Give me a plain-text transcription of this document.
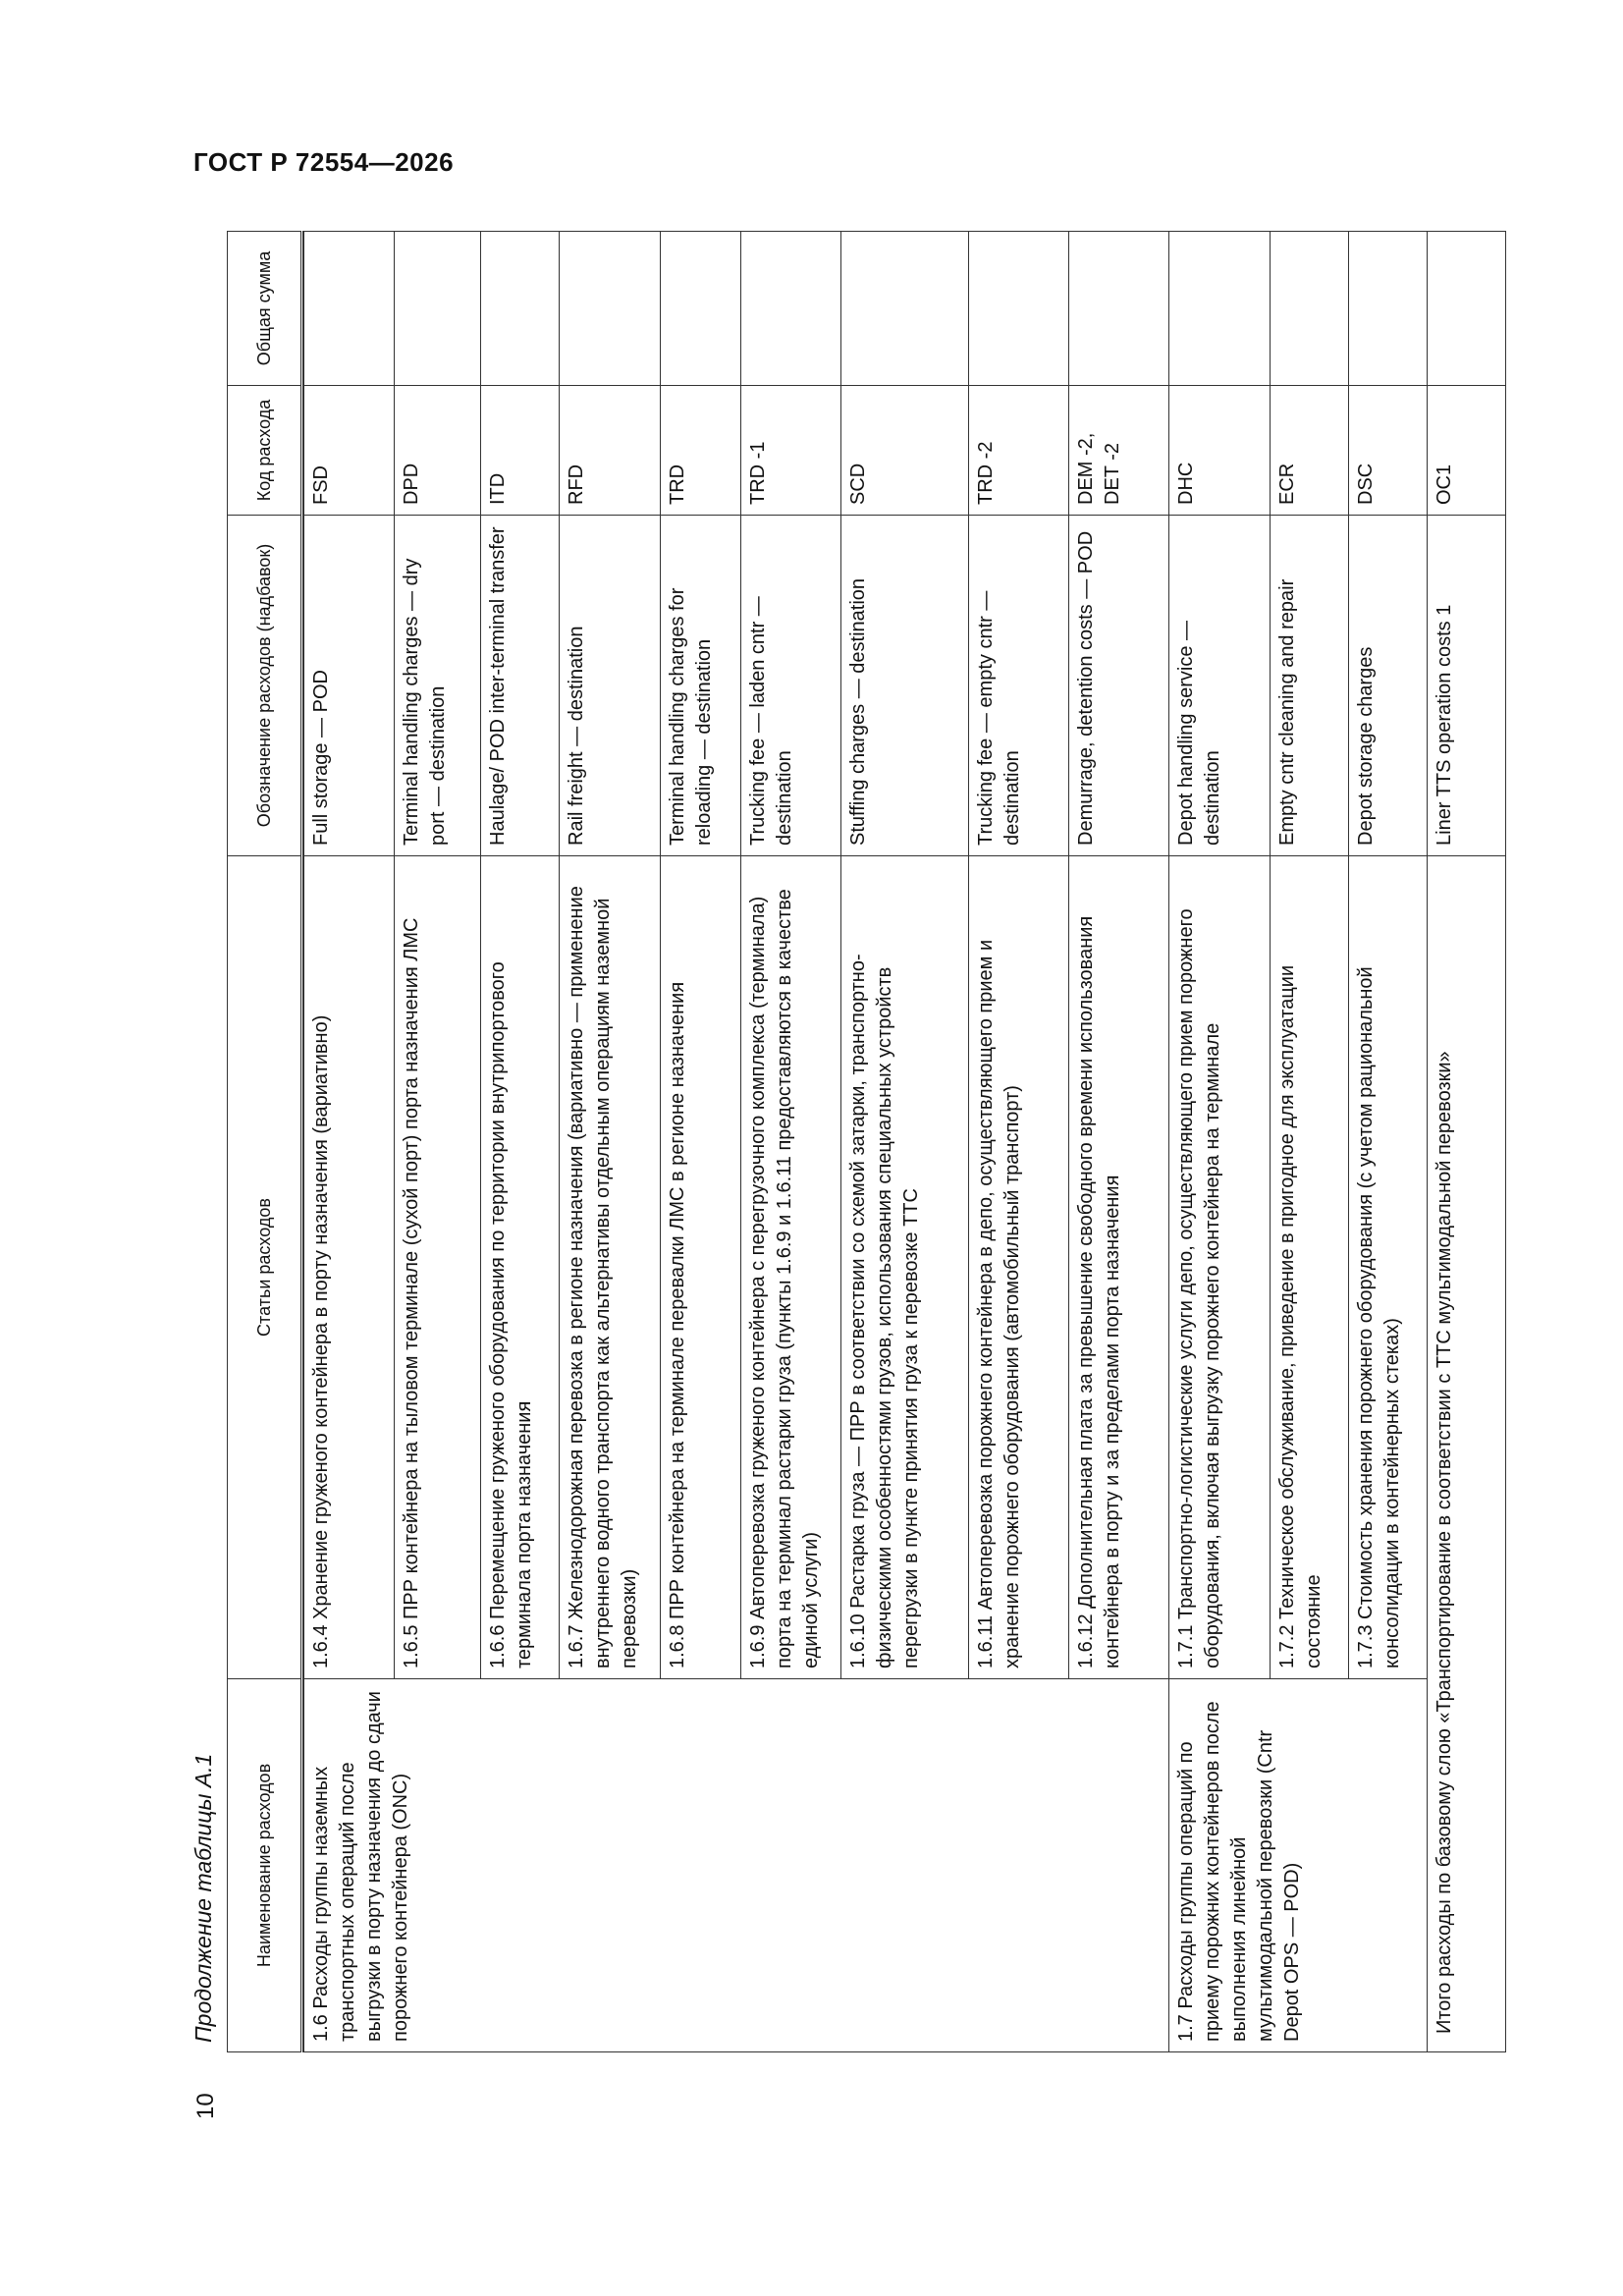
ГОСТ Р 72554—2026
10
Продолжение таблицы А.1	Наименование расходов	Статьи расходов	Обозначение расходов (надбавок)	Код расхода	Общая сумма

1.6 Расходы группы наземных транспортных операций после выгрузки в порту назначения до сдачи порожнего контейнера (ONC)	1.6.4 Хранение груженого контейнера в порту назначения (вариативно)	Full storage — POD	FSD	
	1.6.5 ПРР контейнера на тыловом терминале (сухой порт) порта назначения ЛМС	Terminal handling charges — dry port — destination	DPD	
	1.6.6 Перемещение груженого оборудования по территории внутрипортового терминала порта назначения	Haulage/ POD inter-terminal transfer	ITD	
	1.6.7 Железнодорожная перевозка в регионе назначения (вариативно — применение внутреннего водного транспорта как альтернативы отдельным операциям наземной перевозки)	Rail freight — destination	RFD	
	1.6.8 ПРР контейнера на терминале перевалки ЛМС в регионе назначения	Terminal handling charges for reloading — destination	TRD	
	1.6.9 Автоперевозка груженого контейнера с перегрузочного комплекса (терминала) порта на терминал растарки груза (пункты 1.6.9 и 1.6.11 предоставляются в качестве единой услуги)	Trucking fee — laden cntr — destination	TRD -1	
	1.6.10 Растарка груза — ПРР в соответствии со схемой затарки, транспортно-физическими особенностями грузов, использования специальных устройств перегрузки в пункте принятия груза к перевозке ТТС	Stuffing charges — destination	SCD	
	1.6.11 Автоперевозка порожнего контейнера в депо, осуществляющего прием и хранение порожнего оборудования (автомобильный транспорт)	Trucking fee — empty cntr — destination	TRD -2	
	1.6.12 Дополнительная плата за превышение свободного времени использования контейнера в порту и за пределами порта назначения	Demurrage, detention costs — POD	DEM -2, DET -2	
1.7 Расходы группы операций по приему порожних контейнеров после выполнения линейной мультимодальной перевозки (Cntr Depot OPS — POD)	1.7.1 Транспортно-логистические услуги депо, осуществляющего прием порожнего оборудования, включая выгрузку порожнего контейнера на терминале	Depot handling service — destination	DHC	
	1.7.2 Техническое обслуживание, приведение в пригодное для эксплуатации состояние	Empty cntr cleaning and repair	ECR	
	1.7.3 Стоимость хранения порожнего оборудования (с учетом рациональной консолидации в контейнерных стеках)	Depot storage charges	DSC	
Итого расходы по базовому слою «Транспортирование в соответствии с ТТС мультимодальной перевозки»		Liner TTS operation costs 1	OC1	
